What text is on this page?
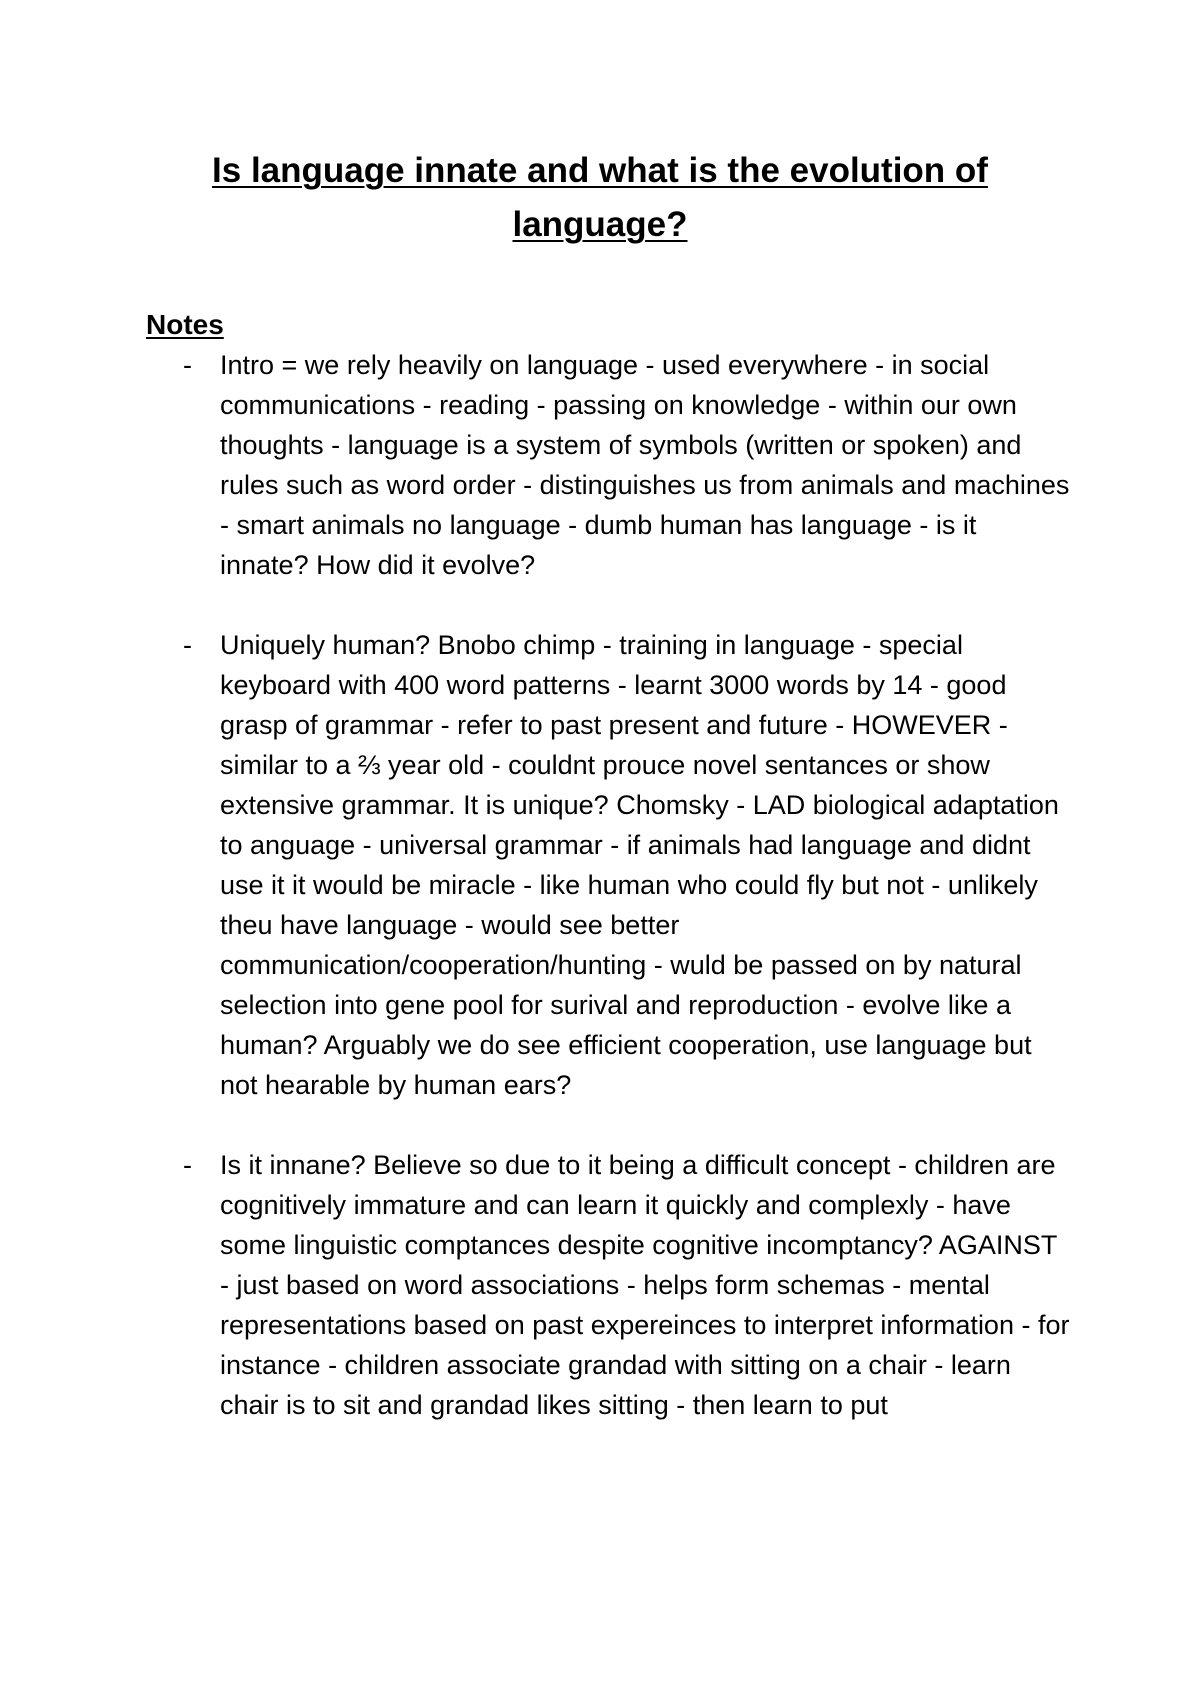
Is language innate and what is the evolution of language?
Notes
- Intro = we rely heavily on language - used everywhere - in social communications - reading - passing on knowledge - within our own thoughts - language is a system of symbols (written or spoken) and rules such as word order - distinguishes us from animals and machines - smart animals no language - dumb human has language - is it innate? How did it evolve?

- Uniquely human? Bnobo chimp - training in language - special keyboard with 400 word patterns - learnt 3000 words by 14 - good grasp of grammar - refer to past present and future - HOWEVER - similar to a ⅔ year old - couldnt prouce novel sentances or show extensive grammar. It is unique? Chomsky - LAD biological adaptation to anguage - universal grammar - if animals had language and didnt use it it would be miracle - like human who could fly but not - unlikely theu have language - would see better communication/cooperation/hunting - wuld be passed on by natural selection into gene pool for surival and reproduction - evolve like a human? Arguably we do see efficient cooperation, use language but not hearable by human ears?

- Is it innane? Believe so due to it being a difficult concept - children are cognitively immature and can learn it quickly and complexly - have some linguistic comptances despite cognitive incomptancy? AGAINST - just based on word associations - helps form schemas - mental representations based on past expereinces to interpret information - for instance - children associate grandad with sitting on a chair - learn chair is to sit and grandad likes sitting - then learn to put
